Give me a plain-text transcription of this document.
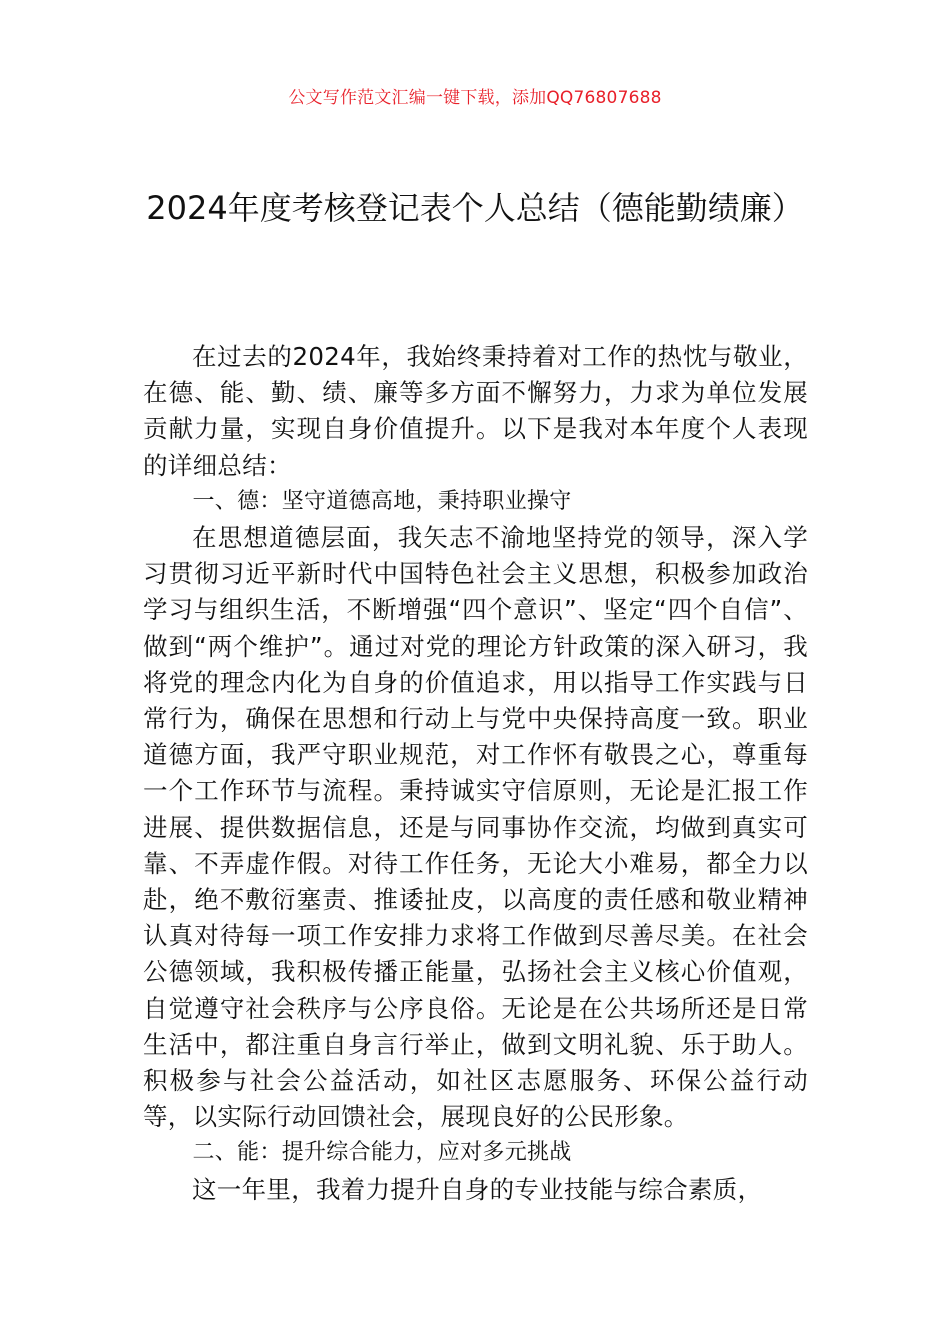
公文写作范文汇编一键下载，添加QQ76807688
2024年度考核登记表个人总结（德能勤绩廉）

在过去的2024年，我始终秉持着对工作的热忱与敬业，在德、能、勤、绩、廉等多方面不懈努力，力求为单位发展贡献力量，实现自身价值提升。以下是我对本年度个人表现的详细总结：

一、德：坚守道德高地，秉持职业操守

在思想道德层面，我矢志不渝地坚持党的领导，深入学习贯彻习近平新时代中国特色社会主义思想，积极参加政治学习与组织生活，不断增强“四个意识”、坚定“四个自信”、做到“两个维护”。通过对党的理论方针政策的深入研习，我将党的理念内化为自身的价值追求，用以指导工作实践与日常行为，确保在思想和行动上与党中央保持高度一致。职业道德方面，我严守职业规范，对工作怀有敬畏之心，尊重每一个工作环节与流程。秉持诚实守信原则，无论是汇报工作进展、提供数据信息，还是与同事协作交流，均做到真实可靠、不弄虚作假。对待工作任务，无论大小难易，都全力以赴，绝不敷衍塞责、推诿扯皮，以高度的责任感和敬业精神认真对待每一项工作安排力求将工作做到尽善尽美。在社会公德领域，我积极传播正能量，弘扬社会主义核心价值观，自觉遵守社会秩序与公序良俗。无论是在公共场所还是日常生活中，都注重自身言行举止，做到文明礼貌、乐于助人。积极参与社会公益活动，如社区志愿服务、环保公益行动等，以实际行动回馈社会，展现良好的公民形象。

二、能：提升综合能力，应对多元挑战

这一年里，我着力提升自身的专业技能与综合素质，
